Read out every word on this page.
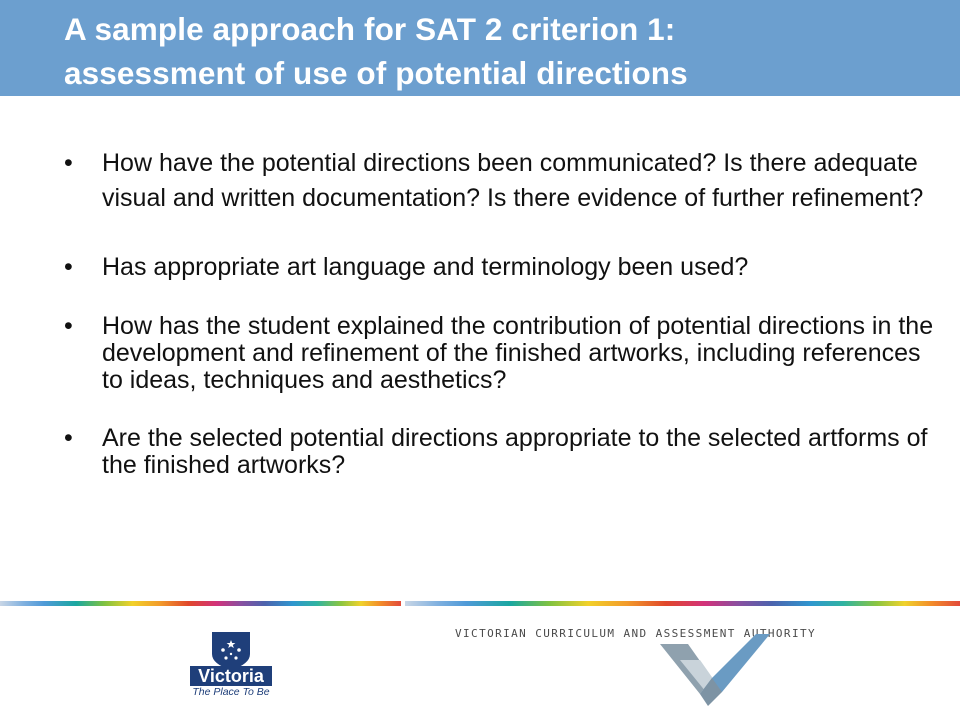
A sample approach for SAT 2 criterion 1:
assessment of use of potential directions
• How have the potential directions been communicated? Is there adequate visual and written documentation? Is there evidence of further refinement?
• Has appropriate art language and terminology been used?
• How has the student explained the contribution of potential directions in the development and refinement of the finished artworks, including references to ideas, techniques and aesthetics?
• Are the selected potential directions appropriate to the selected artforms of the finished artworks?
Victoria
The Place To Be
VICTORIAN CURRICULUM AND ASSESSMENT AUTHORITY
